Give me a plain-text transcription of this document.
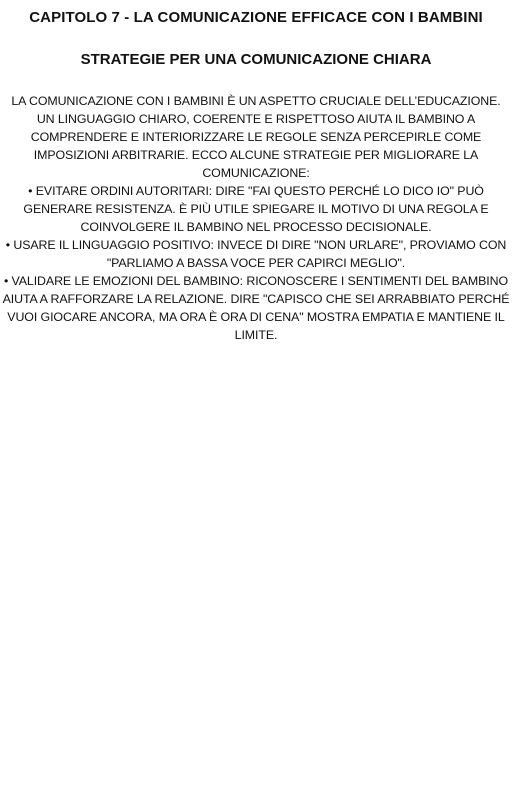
CAPITOLO 7 - LA COMUNICAZIONE EFFICACE CON I BAMBINI
STRATEGIE PER UNA COMUNICAZIONE CHIARA

LA COMUNICAZIONE CON I BAMBINI È UN ASPETTO CRUCIALE DELL’EDUCAZIONE. UN LINGUAGGIO CHIARO, COERENTE E RISPETTOSO AIUTA IL BAMBINO A COMPRENDERE E INTERIORIZZARE LE REGOLE SENZA PERCEPIRLE COME IMPOSIZIONI ARBITRARIE. ECCO ALCUNE STRATEGIE PER MIGLIORARE LA COMUNICAZIONE:

• EVITARE ORDINI AUTORITARI: DIRE "FAI QUESTO PERCHÉ LO DICO IO" PUÒ GENERARE RESISTENZA. È PIÙ UTILE SPIEGARE IL MOTIVO DI UNA REGOLA E COINVOLGERE IL BAMBINO NEL PROCESSO DECISIONALE.

• USARE IL LINGUAGGIO POSITIVO: INVECE DI DIRE "NON URLARE", PROVIAMO CON "PARLIAMO A BASSA VOCE PER CAPIRCI MEGLIO".

• VALIDARE LE EMOZIONI DEL BAMBINO: RICONOSCERE I SENTIMENTI DEL BAMBINO AIUTA A RAFFORZARE LA RELAZIONE. DIRE "CAPISCO CHE SEI ARRABBIATO PERCHÉ VUOI GIOCARE ANCORA, MA ORA È ORA DI CENA" MOSTRA EMPATIA E MANTIENE IL LIMITE.
